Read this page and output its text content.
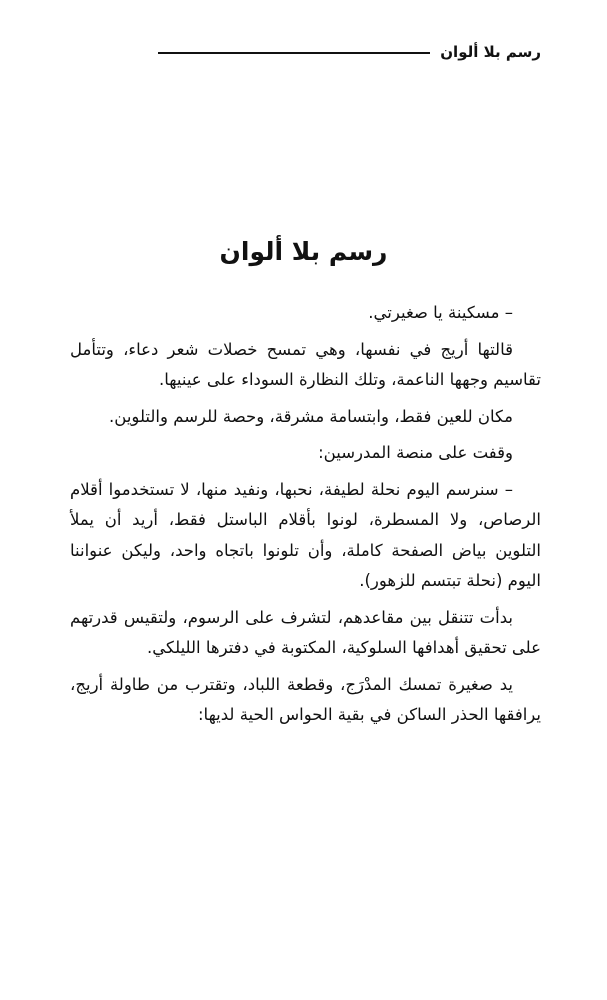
رسم بلا ألوان
رسم بلا ألوان

– مسكينة يا صغيرتي.

قالتها أريج في نفسها، وهي تمسح خصلات شعر دعاء، وتتأمل تقاسيم وجهها الناعمة، وتلك النظارة السوداء على عينيها.

مكان للعين فقط، وابتسامة مشرقة، وحصة للرسم والتلوين.

وقفت على منصة المدرسين:

– سنرسم اليوم نحلة لطيفة، نحبها، ونفيد منها، لا تستخدموا أقلام الرصاص، ولا المسطرة، لونوا بأقلام الباستل فقط، أريد أن يملأ التلوين بياض الصفحة كاملة، وأن تلونوا باتجاه واحد، وليكن عنواننا اليوم (نحلة تبتسم للزهور).

بدأت تتنقل بين مقاعدهم، لتشرف على الرسوم، ولتقيس قدرتهم على تحقيق أهدافها السلوكية، المكتوبة في دفترها الليلكي.

يد صغيرة تمسك المدْرَج، وقطعة اللباد، وتقترب من طاولة أريج، يرافقها الحذر الساكن في بقية الحواس الحية لديها:
